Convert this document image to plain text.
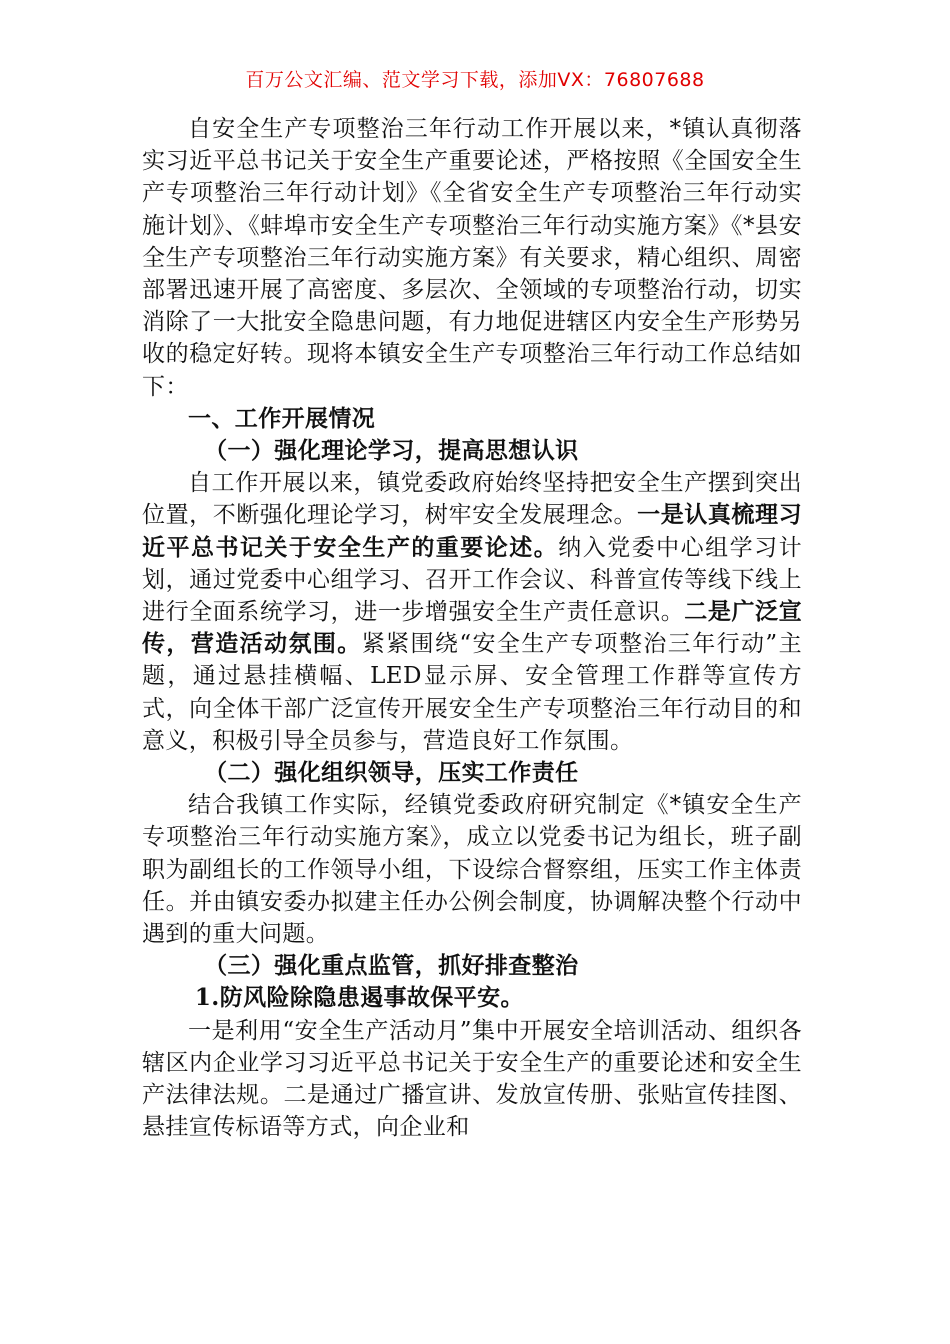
百万公文汇编、范文学习下载，添加VX：76807688

自安全生产专项整治三年行动工作开展以来，*镇认真彻落实习近平总书记关于安全生产重要论述，严格按照《全国安全生产专项整治三年行动计划》《全省安全生产专项整治三年行动实施计划》、《蚌埠市安全生产专项整治三年行动实施方案》《*县安全生产专项整治三年行动实施方案》有关要求，精心组织、周密部署迅速开展了高密度、多层次、全领域的专项整治行动，切实消除了一大批安全隐患问题，有力地促进辖区内安全生产形势另收的稳定好转。现将本镇安全生产专项整治三年行动工作总结如下：

一、工作开展情况

（一）强化理论学习，提高思想认识

自工作开展以来，镇党委政府始终坚持把安全生产摆到突出位置，不断强化理论学习，树牢安全发展理念。一是认真梳理习近平总书记关于安全生产的重要论述。纳入党委中心组学习计划，通过党委中心组学习、召开工作会议、科普宣传等线下线上进行全面系统学习，进一步增强安全生产责任意识。二是广泛宣传，营造活动氛围。紧紧围绕“安全生产专项整治三年行动”主题，通过悬挂横幅、LED显示屏、安全管理工作群等宣传方式，向全体干部广泛宣传开展安全生产专项整治三年行动目的和意义，积极引导全员参与，营造良好工作氛围。

（二）强化组织领导，压实工作责任

结合我镇工作实际，经镇党委政府研究制定《*镇安全生产专项整治三年行动实施方案》，成立以党委书记为组长，班子副职为副组长的工作领导小组，下设综合督察组，压实工作主体责任。并由镇安委办拟建主任办公例会制度，协调解决整个行动中遇到的重大问题。

（三）强化重点监管，抓好排查整治

1.防风险除隐患遏事故保平安。

一是利用“安全生产活动月”集中开展安全培训活动、组织各辖区内企业学习习近平总书记关于安全生产的重要论述和安全生产法律法规。二是通过广播宣讲、发放宣传册、张贴宣传挂图、悬挂宣传标语等方式，向企业和
